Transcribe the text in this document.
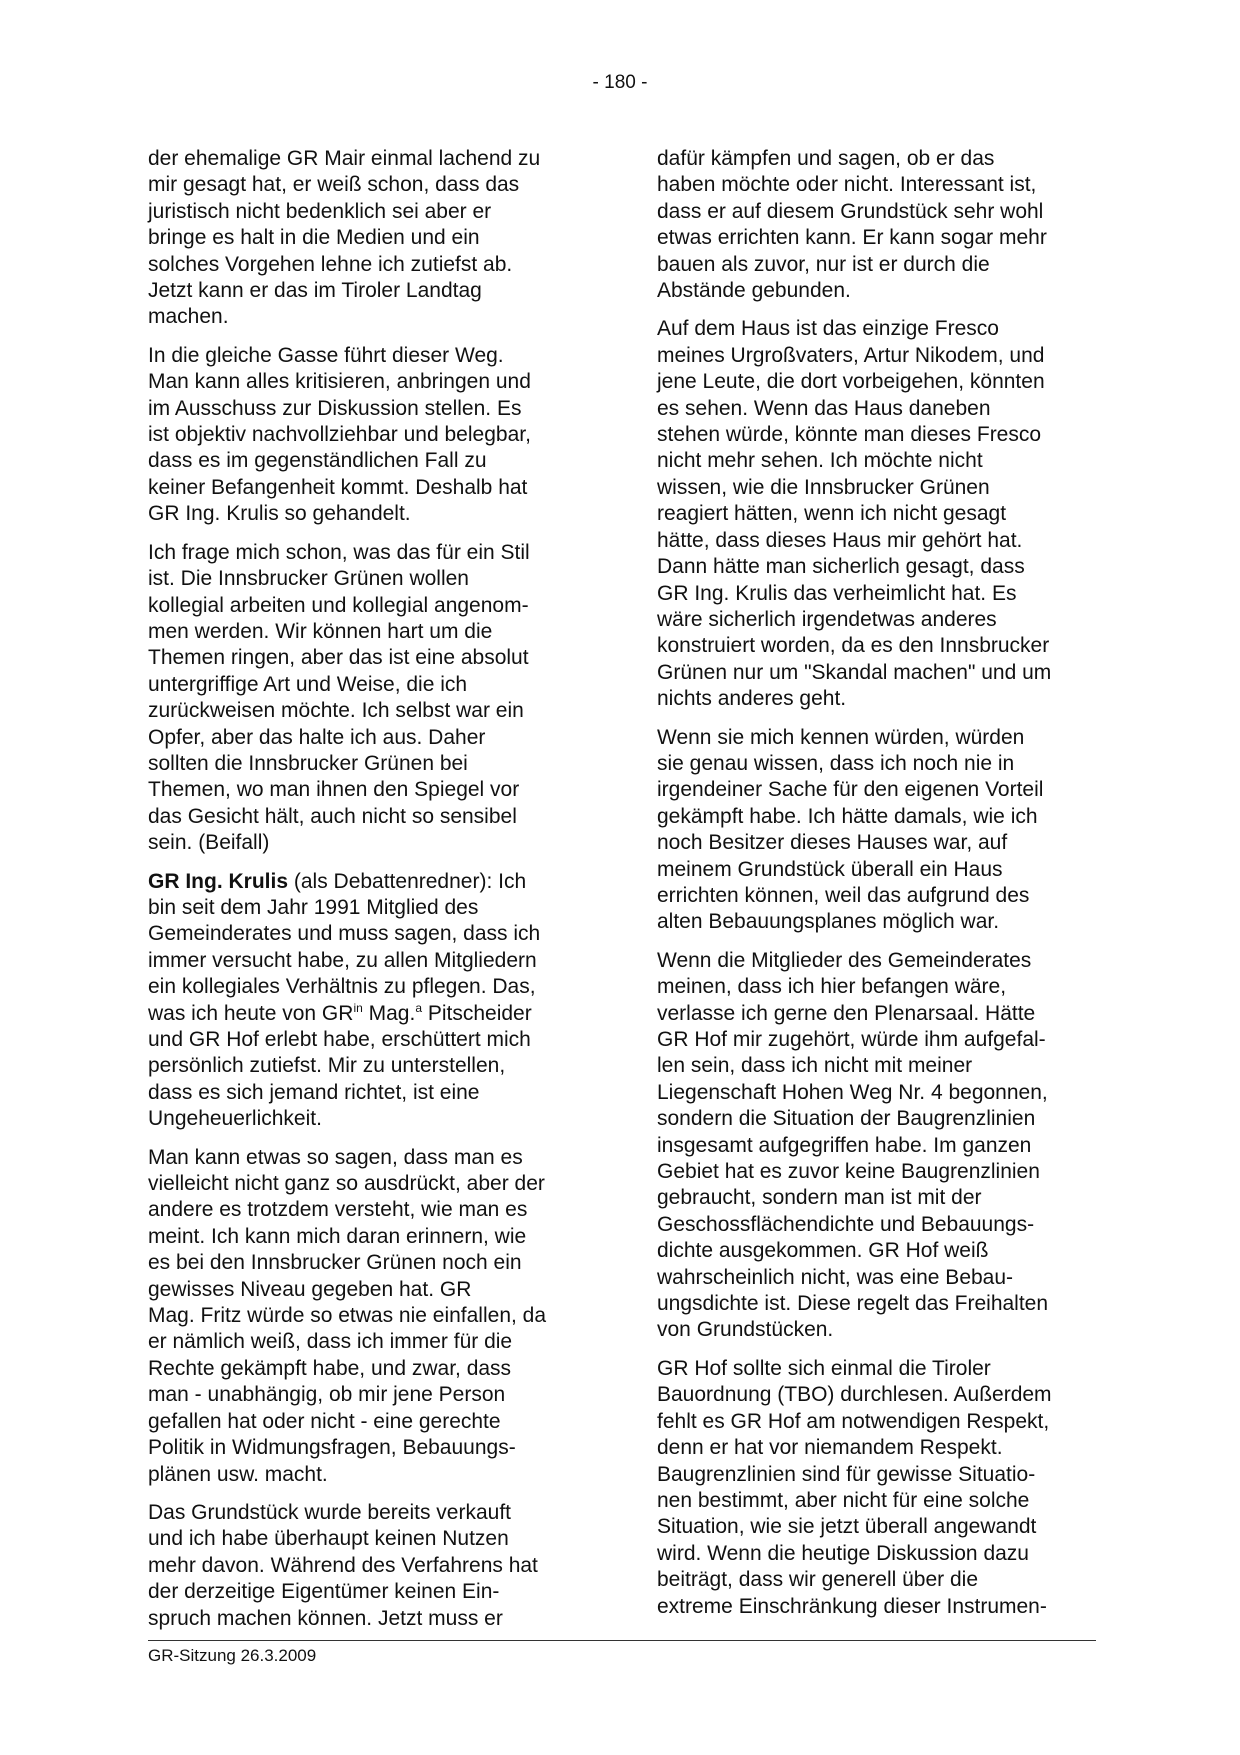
- 180 -

der ehemalige GR Mair einmal lachend zu
mir gesagt hat, er weiß schon, dass das
juristisch nicht bedenklich sei aber er
bringe es halt in die Medien und ein
solches Vorgehen lehne ich zutiefst ab.
Jetzt kann er das im Tiroler Landtag
machen.

In die gleiche Gasse führt dieser Weg.
Man kann alles kritisieren, anbringen und
im Ausschuss zur Diskussion stellen. Es
ist objektiv nachvollziehbar und belegbar,
dass es im gegenständlichen Fall zu
keiner Befangenheit kommt. Deshalb hat
GR Ing. Krulis so gehandelt.

Ich frage mich schon, was das für ein Stil
ist. Die Innsbrucker Grünen wollen
kollegial arbeiten und kollegial angenom-
men werden. Wir können hart um die
Themen ringen, aber das ist eine absolut
untergriffige Art und Weise, die ich
zurückweisen möchte. Ich selbst war ein
Opfer, aber das halte ich aus. Daher
sollten die Innsbrucker Grünen bei
Themen, wo man ihnen den Spiegel vor
das Gesicht hält, auch nicht so sensibel
sein. (Beifall)

GR Ing. Krulis (als Debattenredner): Ich
bin seit dem Jahr 1991 Mitglied des
Gemeinderates und muss sagen, dass ich
immer versucht habe, zu allen Mitgliedern
ein kollegiales Verhältnis zu pflegen. Das,
was ich heute von $GR^{in}$ Mag.$^a$ Pitscheider
und GR Hof erlebt habe, erschüttert mich
persönlich zutiefst. Mir zu unterstellen,
dass es sich jemand richtet, ist eine
Ungeheuerlichkeit.

Man kann etwas so sagen, dass man es
vielleicht nicht ganz so ausdrückt, aber der
andere es trotzdem versteht, wie man es
meint. Ich kann mich daran erinnern, wie
es bei den Innsbrucker Grünen noch ein
gewisses Niveau gegeben hat. GR
Mag. Fritz würde so etwas nie einfallen, da
er nämlich weiß, dass ich immer für die
Rechte gekämpft habe, und zwar, dass
man - unabhängig, ob mir jene Person
gefallen hat oder nicht - eine gerechte
Politik in Widmungsfragen, Bebauungs-
plänen usw. macht.

Das Grundstück wurde bereits verkauft
und ich habe überhaupt keinen Nutzen
mehr davon. Während des Verfahrens hat
der derzeitige Eigentümer keinen Ein-
spruch machen können. Jetzt muss er

dafür kämpfen und sagen, ob er das
haben möchte oder nicht. Interessant ist,
dass er auf diesem Grundstück sehr wohl
etwas errichten kann. Er kann sogar mehr
bauen als zuvor, nur ist er durch die
Abstände gebunden.

Auf dem Haus ist das einzige Fresco
meines Urgroßvaters, Artur Nikodem, und
jene Leute, die dort vorbeigehen, könnten
es sehen. Wenn das Haus daneben
stehen würde, könnte man dieses Fresco
nicht mehr sehen. Ich möchte nicht
wissen, wie die Innsbrucker Grünen
reagiert hätten, wenn ich nicht gesagt
hätte, dass dieses Haus mir gehört hat.
Dann hätte man sicherlich gesagt, dass
GR Ing. Krulis das verheimlicht hat. Es
wäre sicherlich irgendetwas anderes
konstruiert worden, da es den Innsbrucker
Grünen nur um "Skandal machen" und um
nichts anderes geht.

Wenn sie mich kennen würden, würden
sie genau wissen, dass ich noch nie in
irgendeiner Sache für den eigenen Vorteil
gekämpft habe. Ich hätte damals, wie ich
noch Besitzer dieses Hauses war, auf
meinem Grundstück überall ein Haus
errichten können, weil das aufgrund des
alten Bebauungsplanes möglich war.

Wenn die Mitglieder des Gemeinderates
meinen, dass ich hier befangen wäre,
verlasse ich gerne den Plenarsaal. Hätte
GR Hof mir zugehört, würde ihm aufgefal-
len sein, dass ich nicht mit meiner
Liegenschaft Hohen Weg Nr. 4 begonnen,
sondern die Situation der Baugrenzlinien
insgesamt aufgegriffen habe. Im ganzen
Gebiet hat es zuvor keine Baugrenzlinien
gebraucht, sondern man ist mit der
Geschossflächendichte und Bebauungs-
dichte ausgekommen. GR Hof weiß
wahrscheinlich nicht, was eine Bebau-
ungsdichte ist. Diese regelt das Freihalten
von Grundstücken.

GR Hof sollte sich einmal die Tiroler
Bauordnung (TBO) durchlesen. Außerdem
fehlt es GR Hof am notwendigen Respekt,
denn er hat vor niemandem Respekt.
Baugrenzlinien sind für gewisse Situatio-
nen bestimmt, aber nicht für eine solche
Situation, wie sie jetzt überall angewandt
wird. Wenn die heutige Diskussion dazu
beiträgt, dass wir generell über die
extreme Einschränkung dieser Instrumen-

GR-Sitzung 26.3.2009
